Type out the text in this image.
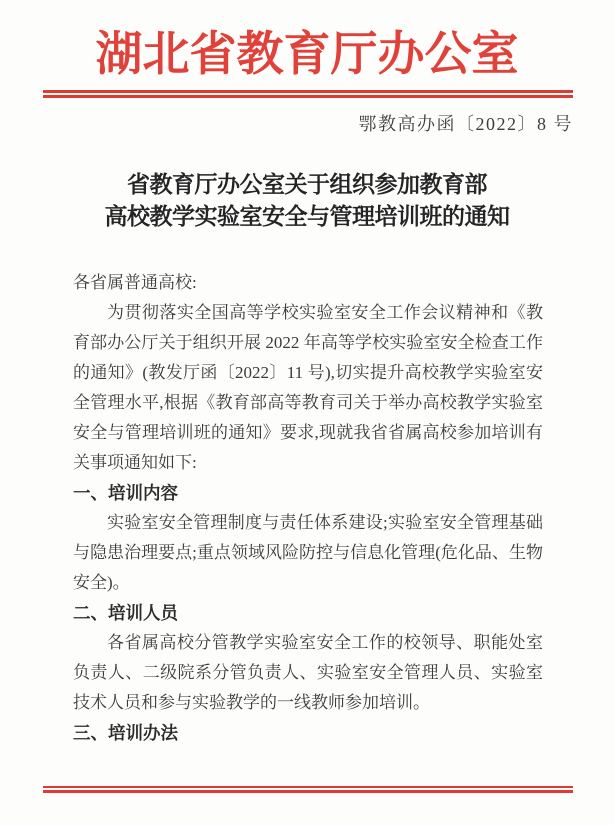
湖北省教育厅办公室
鄂教高办函〔2022〕8 号
省教育厅办公室关于组织参加教育部
高校教学实验室安全与管理培训班的通知

各省属普通高校:

为贯彻落实全国高等学校实验室安全工作会议精神和《教育部办公厅关于组织开展 2022 年高等学校实验室安全检查工作的通知》(教发厅函〔2022〕11 号),切实提升高校教学实验室安全管理水平,根据《教育部高等教育司关于举办高校教学实验室安全与管理培训班的通知》要求,现就我省省属高校参加培训有关事项通知如下:

一、培训内容

实验室安全管理制度与责任体系建设;实验室安全管理基础与隐患治理要点;重点领域风险防控与信息化管理(危化品、生物安全)。

二、培训人员

各省属高校分管教学实验室安全工作的校领导、职能处室负责人、二级院系分管负责人、实验室安全管理人员、实验室技术人员和参与实验教学的一线教师参加培训。

三、培训办法
